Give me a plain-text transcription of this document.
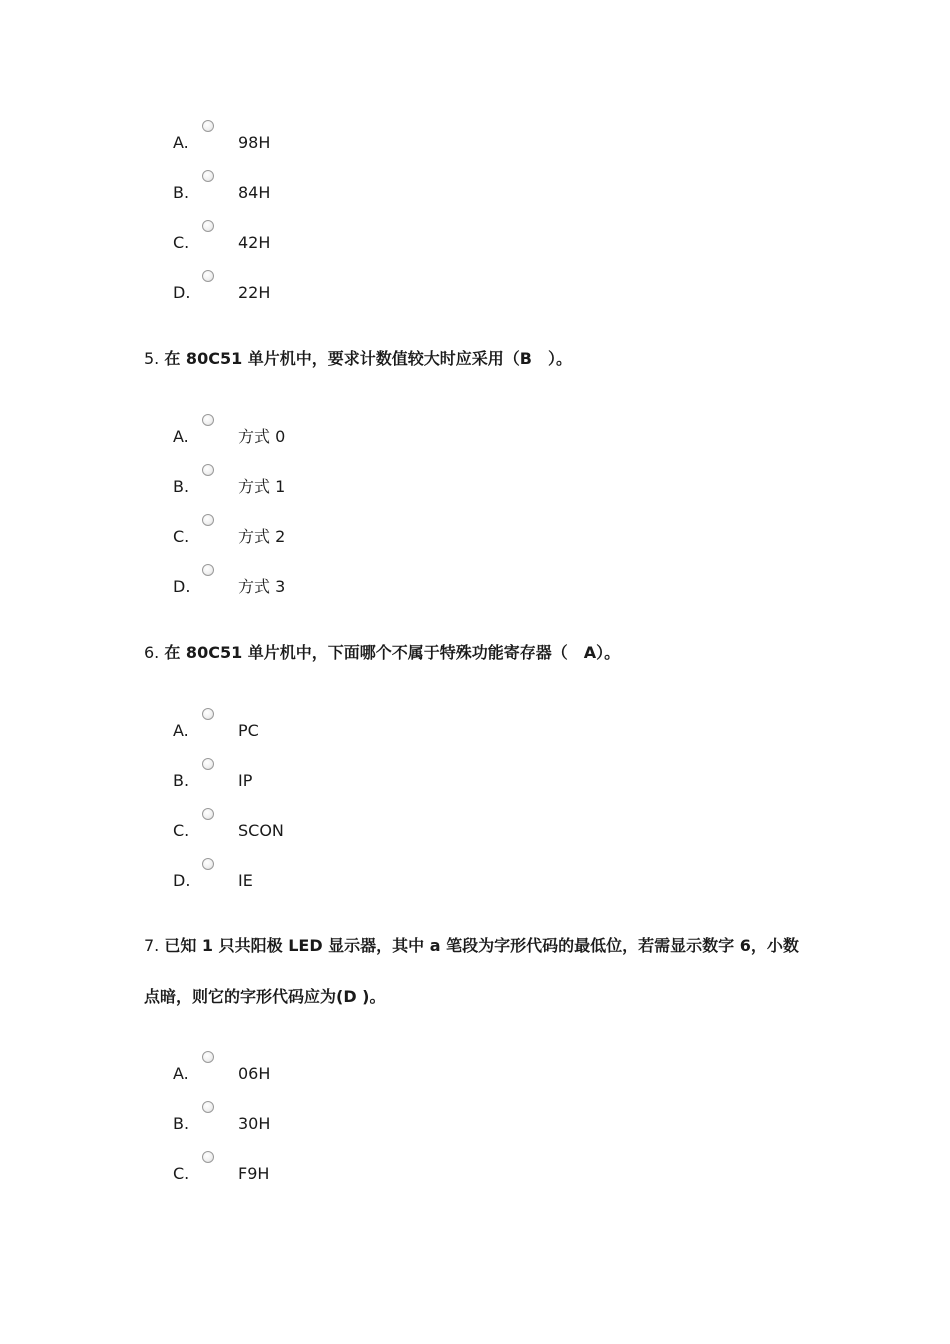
A.	98H
B.	84H
C.	42H
D.	22H
5. 在 80C51 单片机中，要求计数值较大时应采用（B　）。
A.	方式 0
B.	方式 1
C.	方式 2
D.	方式 3
6. 在 80C51 单片机中，下面哪个不属于特殊功能寄存器（　A）。
A.	PC
B.	IP
C.	SCON
D.	IE
7. 已知 1 只共阳极 LED 显示器，其中 a 笔段为字形代码的最低位，若需显示数字 6，小数
点暗，则它的字形代码应为(D )。
A.	06H
B.	30H
C.	F9H
